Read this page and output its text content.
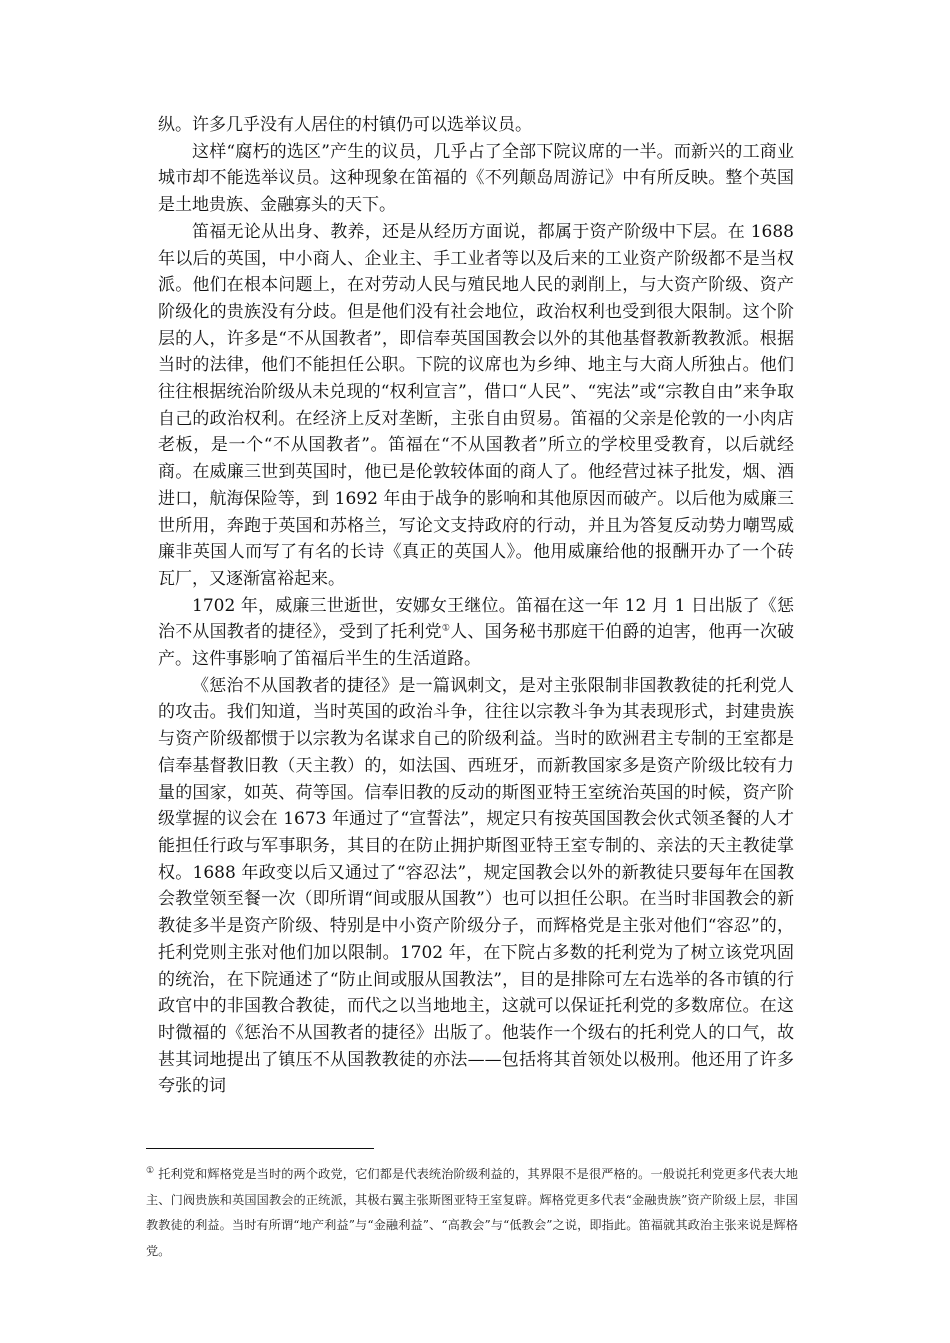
纵。许多几乎没有人居住的村镇仍可以选举议员。

这样“腐朽的选区”产生的议员，几乎占了全部下院议席的一半。而新兴的工商业城市却不能选举议员。这种现象在笛福的《不列颠岛周游记》中有所反映。整个英国是土地贵族、金融寡头的天下。

笛福无论从出身、教养，还是从经历方面说，都属于资产阶级中下层。在 1688 年以后的英国，中小商人、企业主、手工业者等以及后来的工业资产阶级都不是当权派。他们在根本问题上，在对劳动人民与殖民地人民的剥削上，与大资产阶级、资产阶级化的贵族没有分歧。但是他们没有社会地位，政治权利也受到很大限制。这个阶层的人，许多是“不从国教者”，即信奉英国国教会以外的其他基督教新教教派。根据当时的法律，他们不能担任公职。下院的议席也为乡绅、地主与大商人所独占。他们往往根据统治阶级从未兑现的“权利宣言”，借口“人民”、“宪法”或“宗教自由”来争取自己的政治权利。在经济上反对垄断，主张自由贸易。笛福的父亲是伦敦的一小肉店老板，是一个“不从国教者”。笛福在“不从国教者”所立的学校里受教育，以后就经商。在威廉三世到英国时，他已是伦敦较体面的商人了。他经营过袜子批发，烟、酒进口，航海保险等，到 1692 年由于战争的影响和其他原因而破产。以后他为威廉三世所用，奔跑于英国和苏格兰，写论文支持政府的行动，并且为答复反动势力嘲骂威廉非英国人而写了有名的长诗《真正的英国人》。他用威廉给他的报酬开办了一个砖瓦厂，又逐渐富裕起来。

1702 年，威廉三世逝世，安娜女王继位。笛福在这一年 12 月 1 日出版了《惩治不从国教者的捷径》，受到了托利党①人、国务秘书那庭干伯爵的迫害，他再一次破产。这件事影响了笛福后半生的生活道路。

《惩治不从国教者的捷径》是一篇讽刺文，是对主张限制非国教教徒的托利党人的攻击。我们知道，当时英国的政治斗争，往往以宗教斗争为其表现形式，封建贵族与资产阶级都惯于以宗教为名谋求自己的阶级利益。当时的欧洲君主专制的王室都是信奉基督教旧教（天主教）的，如法国、西班牙，而新教国家多是资产阶级比较有力量的国家，如英、荷等国。信奉旧教的反动的斯图亚特王室统治英国的时候，资产阶级掌握的议会在 1673 年通过了“宣誓法”，规定只有按英国国教会伙式领圣餐的人才能担任行政与军事职务，其目的在防止拥护斯图亚特王室专制的、亲法的天主教徒掌权。1688 年政变以后又通过了“容忍法”，规定国教会以外的新教徒只要每年在国教会教堂领至餐一次（即所谓“间或服从国教”）也可以担任公职。在当时非国教会的新教徒多半是资产阶级、特别是中小资产阶级分子，而辉格党是主张对他们“容忍”的，托利党则主张对他们加以限制。1702 年，在下院占多数的托利党为了树立该党巩固的统治，在下院通述了“防止间或服从国教法”，目的是排除可左右选举的各市镇的行政官中的非国教合教徒，而代之以当地地主，这就可以保证托利党的多数席位。在这时微福的《惩治不从国教者的捷径》出版了。他装作一个级右的托利党人的口气，故甚其词地提出了镇压不从国教教徒的亦法——包括将其首领处以极刑。他还用了许多夸张的词

① 托利党和辉格党是当时的两个政党，它们都是代表统治阶级利益的，其界限不是很严格的。一般说托利党更多代表大地主、门阀贵族和英国国教会的正统派，其极右翼主张斯图亚特王室复辟。辉格党更多代表“金融贵族”资产阶级上层，非国教教徒的利益。当时有所谓“地产利益”与“金融利益”、“高教会”与“低教会”之说，即指此。笛福就其政治主张来说是辉格党。
